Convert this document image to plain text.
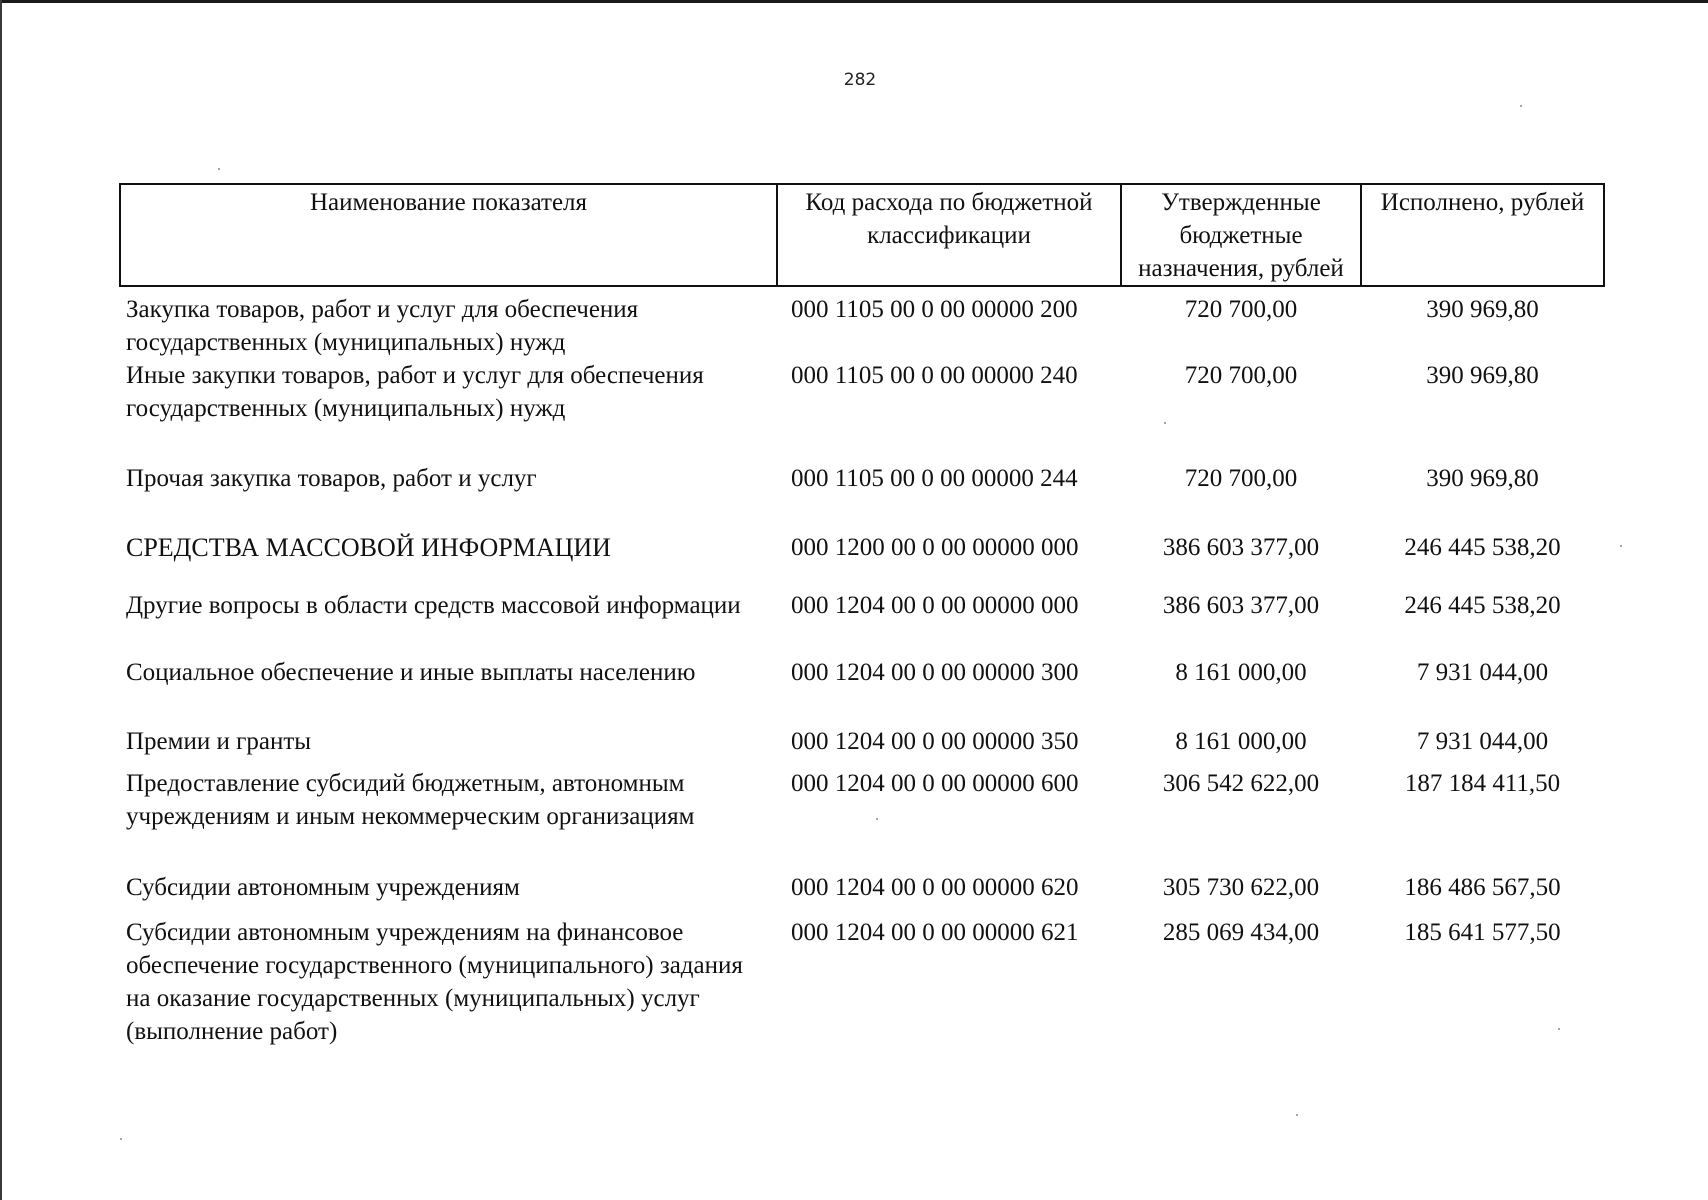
282
Наименование показателя	Код расхода по бюджетной классификации	Утвержденные бюджетные назначения, рублей	Исполнено, рублей
Закупка товаров, работ и услуг для обеспечения государственных (муниципальных) нужд	000 1105 00 0 00 00000 200	720 700,00	390 969,80
Иные закупки товаров, работ и услуг для обеспечения государственных (муниципальных) нужд	000 1105 00 0 00 00000 240	720 700,00	390 969,80
Прочая закупка товаров, работ и услуг	000 1105 00 0 00 00000 244	720 700,00	390 969,80
СРЕДСТВА МАССОВОЙ ИНФОРМАЦИИ	000 1200 00 0 00 00000 000	386 603 377,00	246 445 538,20
Другие вопросы в области средств массовой информации	000 1204 00 0 00 00000 000	386 603 377,00	246 445 538,20
Социальное обеспечение и иные выплаты населению	000 1204 00 0 00 00000 300	8 161 000,00	7 931 044,00
Премии и гранты	000 1204 00 0 00 00000 350	8 161 000,00	7 931 044,00
Предоставление субсидий бюджетным, автономным учреждениям и иным некоммерческим организациям	000 1204 00 0 00 00000 600	306 542 622,00	187 184 411,50
Субсидии автономным учреждениям	000 1204 00 0 00 00000 620	305 730 622,00	186 486 567,50
Субсидии автономным учреждениям на финансовое обеспечение государственного (муниципального) задания на оказание государственных (муниципальных) услуг (выполнение работ)	000 1204 00 0 00 00000 621	285 069 434,00	185 641 577,50
